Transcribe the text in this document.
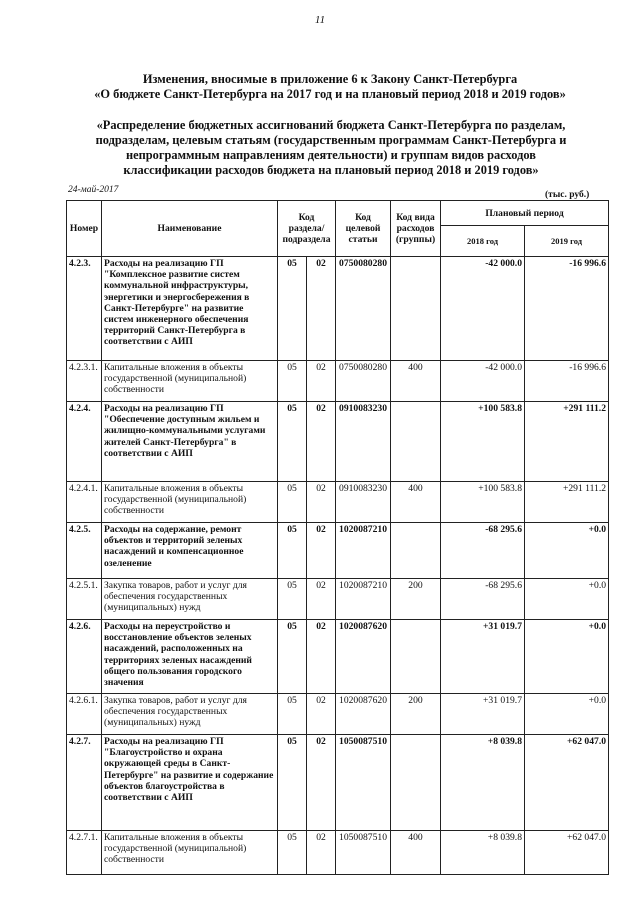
11
Изменения, вносимые в приложение 6 к Закону Санкт-Петербурга
«О бюджете Санкт-Петербурга на 2017 год и на плановый период 2018 и 2019 годов»
«Распределение бюджетных ассигнований бюджета Санкт-Петербурга по разделам,
подразделам, целевым статьям (государственным программам Санкт-Петербурга и
непрограммным направлениям деятельности) и группам видов расходов
классификации расходов бюджета на плановый период 2018 и 2019 годов»
24-май-2017	(тыс. руб.)
Номер	Наименование	Код раздела/ подраздела		Код целевой статьи	Код вида расходов (группы)	Плановый период	
						2018 год	2019 год
4.2.3.	Расходы на реализацию ГП "Комплексное развитие систем коммунальной инфраструктуры, энергетики и энергосбережения в Санкт-Петербурге" на развитие систем инженерного обеспечения территорий Санкт-Петербурга в соответствии с АИП	05	02	0750080280		-42 000.0	-16 996.6
4.2.3.1.	Капитальные вложения в объекты государственной (муниципальной) собственности	05	02	0750080280	400	-42 000.0	-16 996.6
4.2.4.	Расходы на реализацию ГП "Обеспечение доступным жильем и жилищно-коммунальными услугами жителей Санкт-Петербурга" в соответствии с АИП	05	02	0910083230		+100 583.8	+291 111.2
4.2.4.1.	Капитальные вложения в объекты государственной (муниципальной) собственности	05	02	0910083230	400	+100 583.8	+291 111.2
4.2.5.	Расходы на содержание, ремонт объектов и территорий зеленых насаждений и компенсационное озеленение	05	02	1020087210		-68 295.6	+0.0
4.2.5.1.	Закупка товаров, работ и услуг для обеспечения государственных (муниципальных) нужд	05	02	1020087210	200	-68 295.6	+0.0
4.2.6.	Расходы на переустройство и восстановление объектов зеленых насаждений, расположенных на территориях зеленых насаждений общего пользования городского значения	05	02	1020087620		+31 019.7	+0.0
4.2.6.1.	Закупка товаров, работ и услуг для обеспечения государственных (муниципальных) нужд	05	02	1020087620	200	+31 019.7	+0.0
4.2.7.	Расходы на реализацию ГП "Благоустройство и охрана окружающей среды в Санкт-Петербурге" на развитие и содержание объектов благоустройства в соответствии с АИП	05	02	1050087510		+8 039.8	+62 047.0
4.2.7.1.	Капитальные вложения в объекты государственной (муниципальной) собственности	05	02	1050087510	400	+8 039.8	+62 047.0
